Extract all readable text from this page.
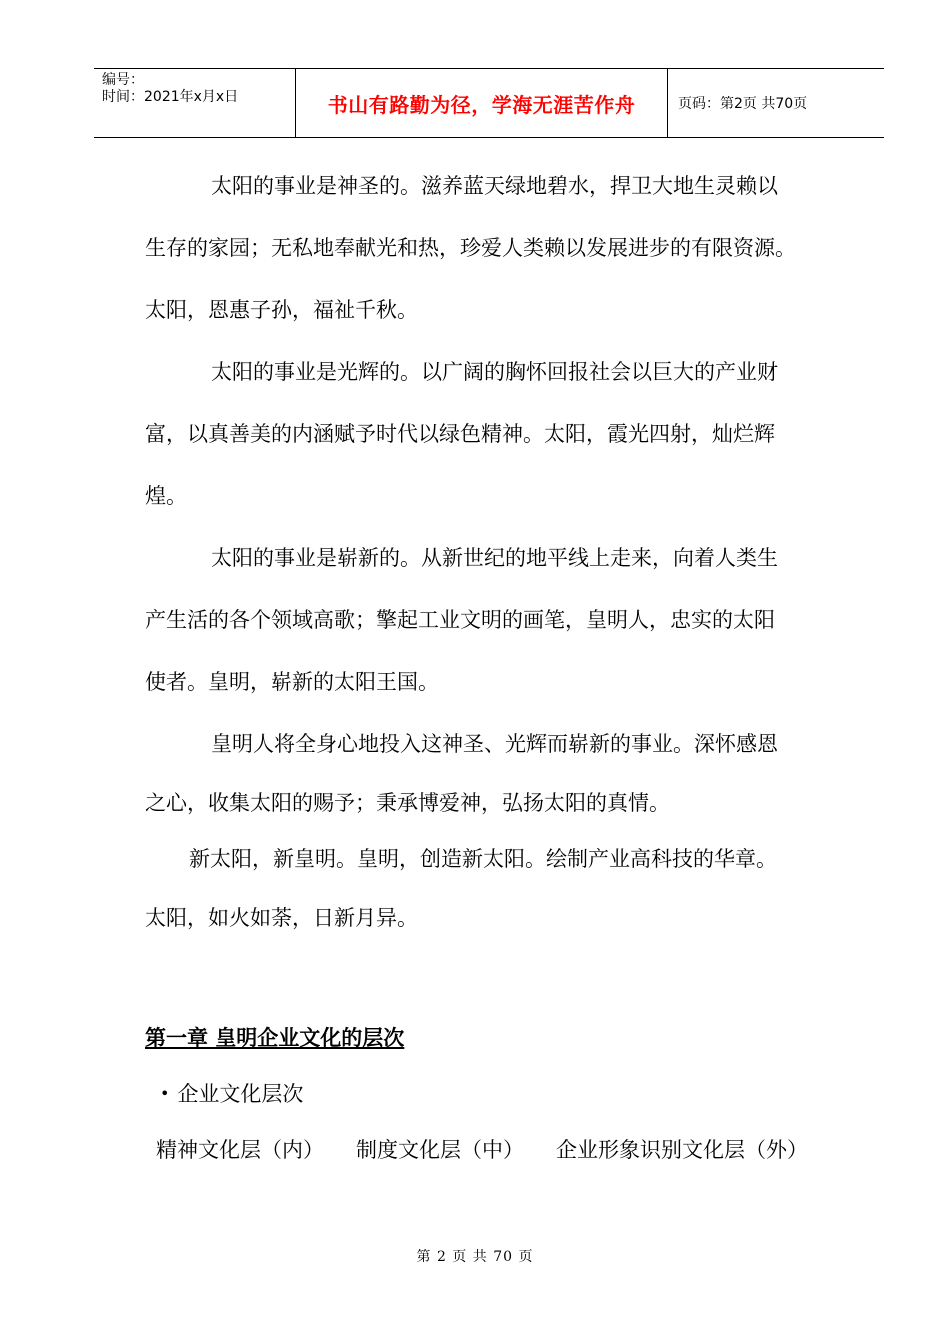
编号：
时间：2021年x月x日	书山有路勤为径，学海无涯苦作舟	页码：第2页 共70页

太阳的事业是神圣的。滋养蓝天绿地碧水，捍卫大地生灵赖以

生存的家园；无私地奉献光和热，珍爱人类赖以发展进步的有限资源。

太阳，恩惠子孙，福祉千秋。

太阳的事业是光辉的。以广阔的胸怀回报社会以巨大的产业财

富，以真善美的内涵赋予时代以绿色精神。太阳，霞光四射，灿烂辉

煌。

太阳的事业是崭新的。从新世纪的地平线上走来，向着人类生

产生活的各个领域高歌；擎起工业文明的画笔，皇明人，忠实的太阳

使者。皇明，崭新的太阳王国。

皇明人将全身心地投入这神圣、光辉而崭新的事业。深怀感恩

之心，收集太阳的赐予；秉承博爱神，弘扬太阳的真情。

新太阳，新皇明。皇明，创造新太阳。绘制产业高科技的华章。

太阳，如火如荼，日新月异。

第一章 皇明企业文化的层次
• 企业文化层次
精神文化层（内） 制度文化层（中） 企业形象识别文化层（外）
第 2 页 共 70 页
